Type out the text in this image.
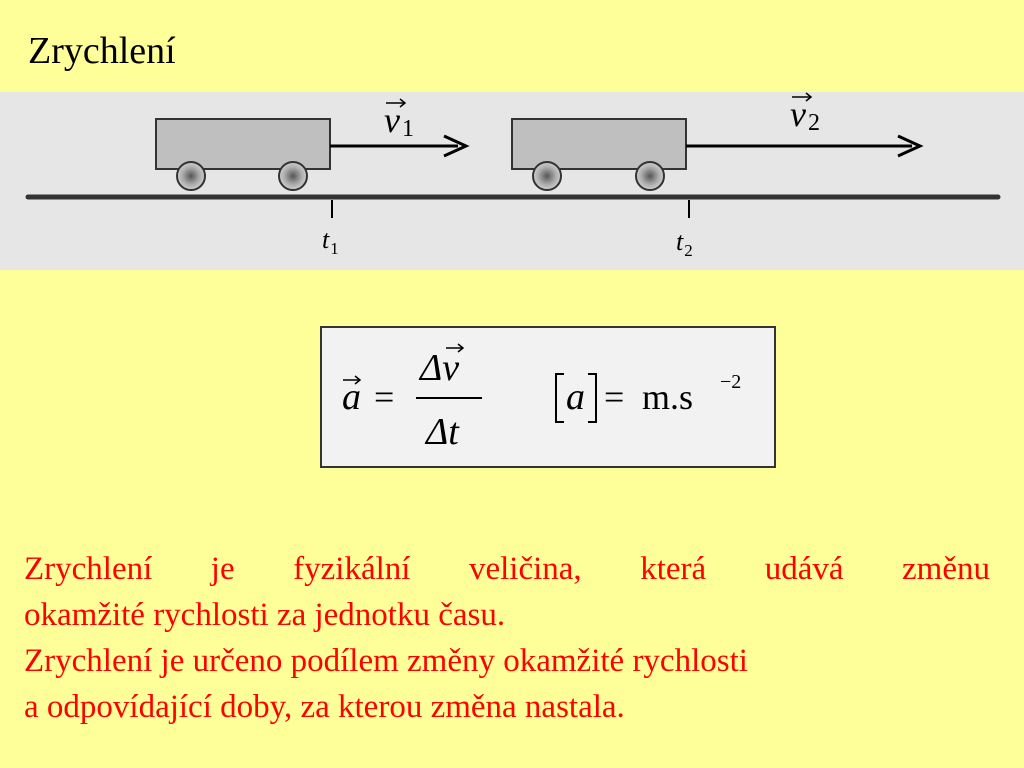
Zrychlení
v1	v2
$t_1$	$t_2$
a =
Δv
Δt
a = m.s −2

Zrychlení je fyzikální veličina, která udává změnu
okamžité rychlosti za jednotku času.

Zrychlení je určeno podílem změny okamžité rychlosti
a odpovídající doby, za kterou změna nastala.
